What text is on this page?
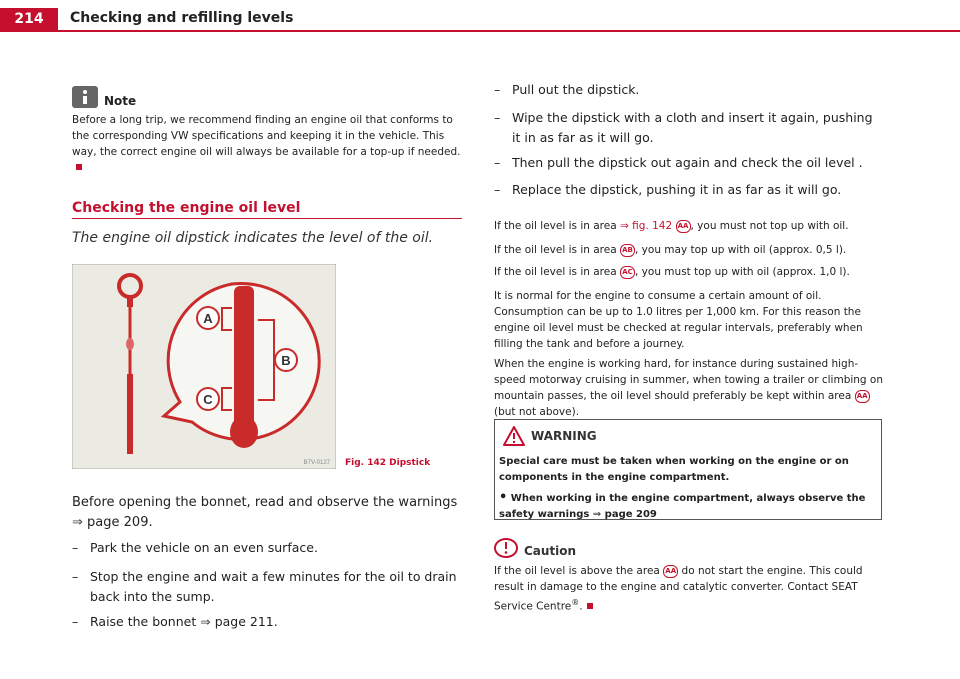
214	Checking and refilling levels
Note
Before a long trip, we recommend finding an engine oil that conforms to the corresponding VW specifications and keeping it in the vehicle. This way, the correct engine oil will always be available for a top-up if needed.
Checking the engine oil level
The engine oil dipstick indicates the level of the oil.
A
B
C
B7V-0127 Fig. 142 Dipstick
Before opening the bonnet, read and observe the warnings
⇒ page 209.
– Park the vehicle on an even surface.
– Stop the engine and wait a few minutes for the oil to drain back into the sump.
– Raise the bonnet ⇒ page 211.
– Pull out the dipstick.
– Wipe the dipstick with a cloth and insert it again, pushing it in as far as it will go.
– Then pull the dipstick out again and check the oil level .
– Replace the dipstick, pushing it in as far as it will go.
If the oil level is in area ⇒ fig. 142 AA , you must not top up with oil.
If the oil level is in area AB , you may top up with oil (approx. 0,5 l).
If the oil level is in area AC , you must top up with oil (approx. 1,0 l).
It is normal for the engine to consume a certain amount of oil. Consumption can be up to 1.0 litres per 1,000 km. For this reason the engine oil level must be checked at regular intervals, preferably when filling the tank and before a journey.
When the engine is working hard, for instance during sustained high-speed motorway cruising in summer, when towing a trailer or climbing on mountain passes, the oil level should preferably be kept within area AA (but not above).
WARNING
Special care must be taken when working on the engine or on components in the engine compartment.
• When working in the engine compartment, always observe the safety warnings ⇒ page 209
Caution
If the oil level is above the area AA do not start the engine. This could result in damage to the engine and catalytic converter. Contact SEAT Service Centre®.
